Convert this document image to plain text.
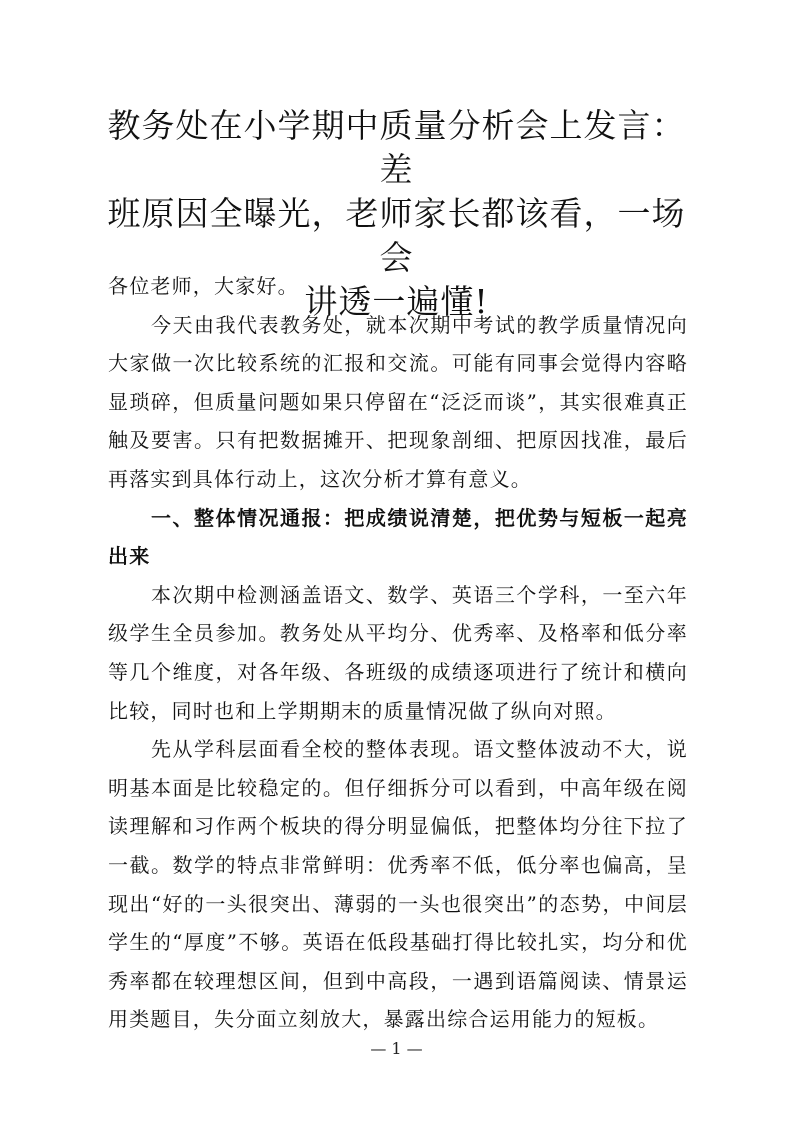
教务处在小学期中质量分析会上发言：差
班原因全曝光，老师家长都该看，一场会
讲透一遍懂!

各位老师，大家好。

今天由我代表教务处，就本次期中考试的教学质量情况向大家做一次比较系统的汇报和交流。可能有同事会觉得内容略显琐碎，但质量问题如果只停留在“泛泛而谈”，其实很难真正触及要害。只有把数据摊开、把现象剖细、把原因找准，最后再落实到具体行动上，这次分析才算有意义。

一、整体情况通报：把成绩说清楚，把优势与短板一起亮出来

本次期中检测涵盖语文、数学、英语三个学科，一至六年级学生全员参加。教务处从平均分、优秀率、及格率和低分率等几个维度，对各年级、各班级的成绩逐项进行了统计和横向比较，同时也和上学期期末的质量情况做了纵向对照。

先从学科层面看全校的整体表现。语文整体波动不大，说明基本面是比较稳定的。但仔细拆分可以看到，中高年级在阅读理解和习作两个板块的得分明显偏低，把整体均分往下拉了一截。数学的特点非常鲜明：优秀率不低，低分率也偏高，呈现出“好的一头很突出、薄弱的一头也很突出”的态势，中间层学生的“厚度”不够。英语在低段基础打得比较扎实，均分和优秀率都在较理想区间，但到中高段，一遇到语篇阅读、情景运用类题目，失分面立刻放大，暴露出综合运用能力的短板。

— 1 —
